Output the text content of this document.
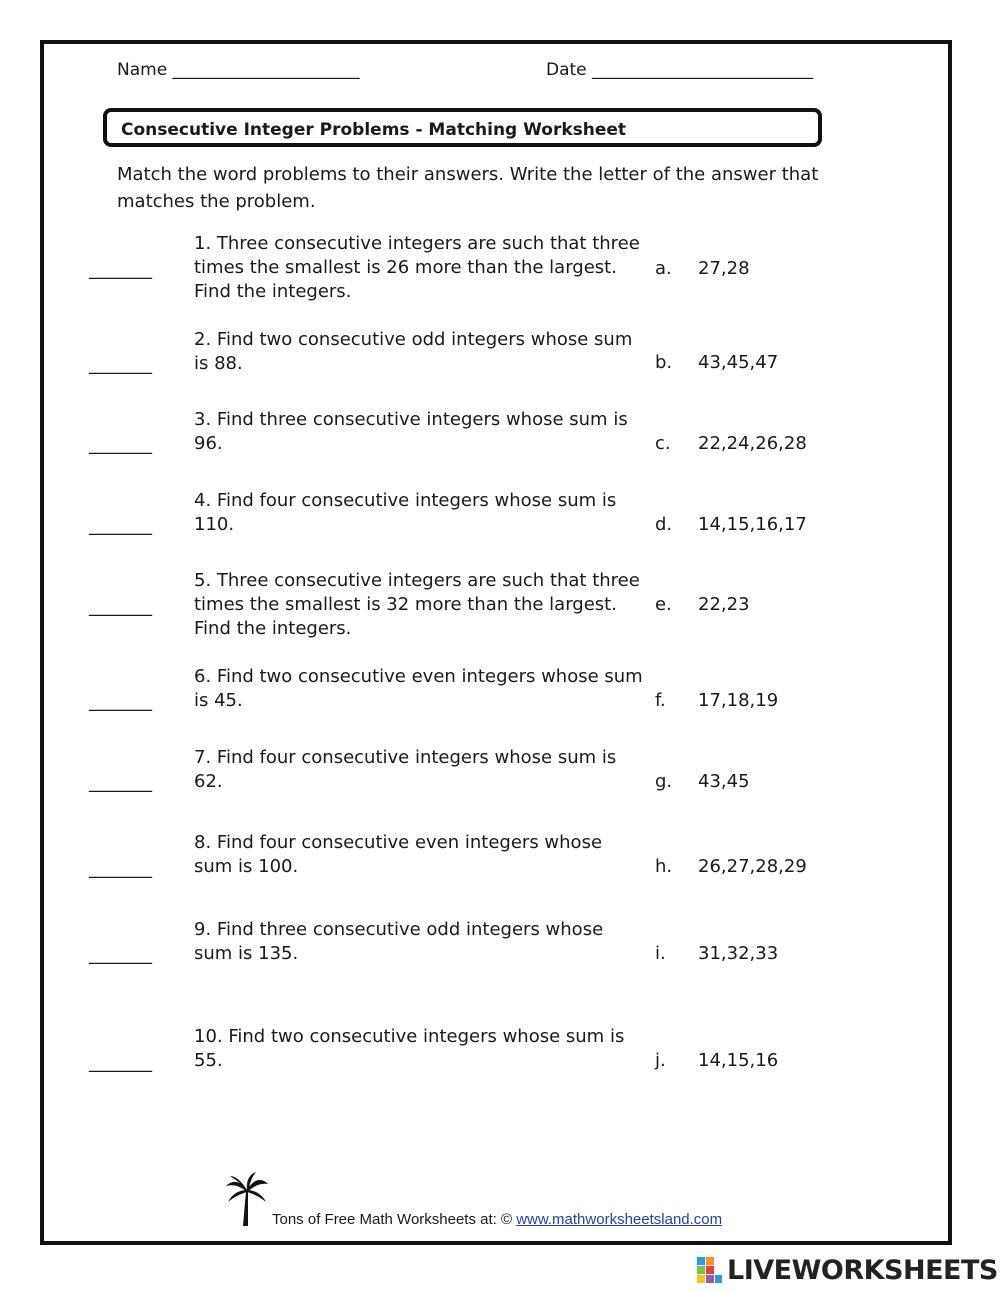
Name ______________________	Date __________________________
Consecutive Integer Problems - Matching Worksheet
Match the word problems to their answers. Write the letter of the answer that matches the problem.
_______
1. Three consecutive integers are such that three times the smallest is 26 more than the largest. Find the integers.
a. 27,28
_______
2. Find two consecutive odd integers whose sum is 88.	b. 43,45,47
_______
3. Find three consecutive integers whose sum is 96.	c. 22,24,26,28
_______
4. Find four consecutive integers whose sum is 110.	d. 14,15,16,17
_______
5. Three consecutive integers are such that three times the smallest is 32 more than the largest. Find the integers.
e. 22,23
_______
6. Find two consecutive even integers whose sum is 45.	f. 17,18,19
_______
7. Find four consecutive integers whose sum is 62.	g. 43,45
_______
8. Find four consecutive even integers whose sum is 100.	h. 26,27,28,29
_______
9. Find three consecutive odd integers whose sum is 135.	i. 31,32,33
_______
10. Find two consecutive integers whose sum is 55.	j. 14,15,16
Tons of Free Math Worksheets at: © www.mathworksheetsland.com
LIVEWORKSHEETS
